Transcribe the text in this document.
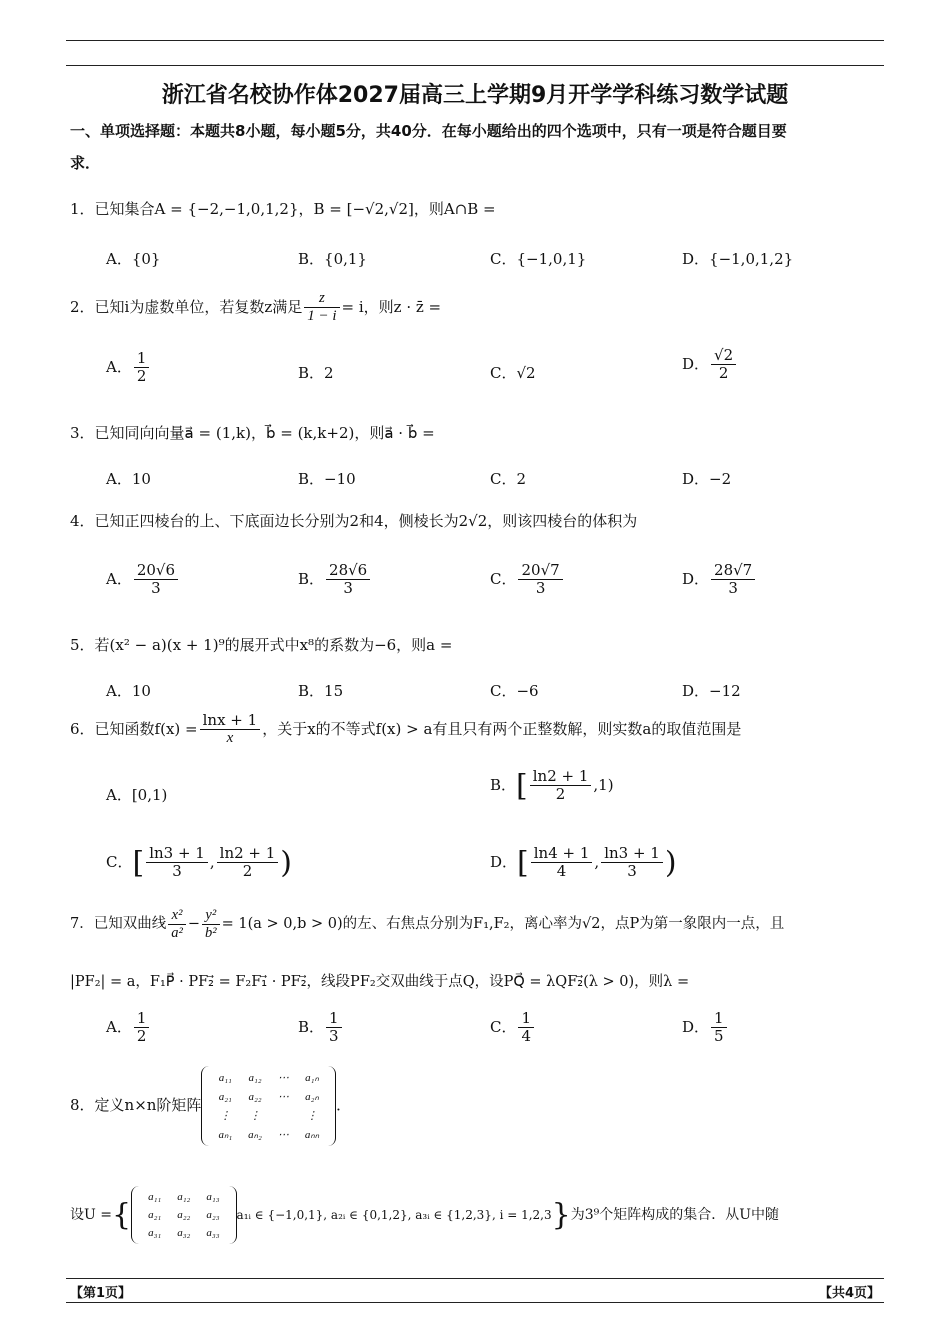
浙江省名校协作体2027届高三上学期9月开学学科练习数学试题
一、单项选择题：本题共8小题，每小题5分，共40分．在每小题给出的四个选项中，只有一项是符合题目要
求．
1．已知集合A = {−2,−1,0,1,2}，B = [−√2,√2]，则A∩B =
A．{0}	B．{0,1}	C．{−1,0,1}	D．{−1,0,1,2}
2．已知i为虚数单位，若复数z满足 $\frac{z}{1 - i} = i$，则z · z̄ =
A． $\frac{1}{2}$	B．2	C．√2
D． $\frac{√2}{2}$
3．已知同向向量a⃗ = (1,k)，b⃗ = (k,k+2)，则a⃗ · b⃗ =
A．10	B．−10	C．2	D．−2
4．已知正四棱台的上、下底面边长分别为2和4，侧棱长为2√2，则该四棱台的体积为
A． $\frac{20√6}{3}$	B． $\frac{28√6}{3}$	C． $\frac{20√7}{3}$	D． $\frac{28√7}{3}$
5．若(x² − a)(x + 1)⁹的展开式中x⁸的系数为−6，则a =
A．10	B．15	C．−6	D．−12
6．已知函数$f(x) = \frac{\ln x + 1}{x}$ ，关于x的不等式f(x) > a有且只有两个正整数解，则实数a的取值范围是
A．[0,1)
B．[ $\frac{\ln 2 + 1}{2} ,1$)
C．[ $\frac{\ln 3 + 1}{3}$ , $\frac{\ln 2 + 1}{2}$ )	D．[ $\frac{\ln 4 + 1}{4}$ , $\frac{\ln 3 + 1}{3}$ )
7．已知双曲线 $\frac{\text{x²}}{\text{a²}} - \frac{\text{y²}}{\text{b²}} = 1(a > 0,b > 0)$的左、右焦点分别为F₁,F₂，离心率为√2，点P为第一象限内一点，且
|PF₂| = a，F₁P⃗ · PF₂⃗ = F₂F₁⃗ · PF₂⃗，线段PF₂交双曲线于点Q，设PQ⃗ = λQF₂⃗(λ > 0)，则λ =
A． $\frac{1}{2}$	B． $\frac{1}{3}$	C． $\frac{1}{4}$	D． $\frac{1}{5}$
8．定义n×n阶矩阵
a₁₁	a₁₂	⋯	a₁ₙ
a₂₁	a₂₂	⋯	a₂ₙ
⋮	⋮		⋮
aₙ₁	aₙ₂	⋯	aₙₙ
．
设U ={
a₁₁	a₁₂	a₁₃
a₂₁	a₂₂	a₂₃
a₃₁	a₃₂	a₃₃
a₁ᵢ ∈ {−1,0,1}, a₂ᵢ ∈ {0,1,2}, a₃ᵢ ∈ {1,2,3}, i = 1,2,3}为3⁹个矩阵构成的集合．从U中随
【第1页】	【共4页】
